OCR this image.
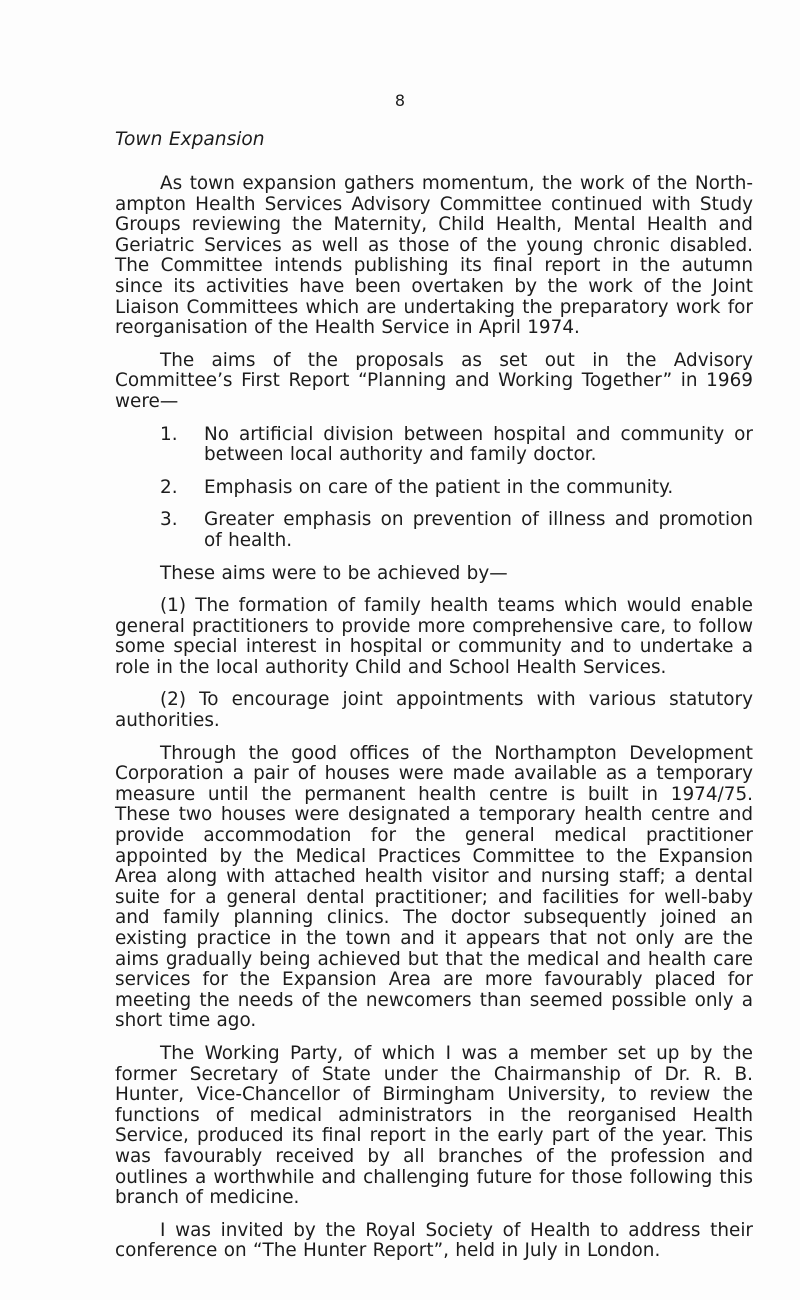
8
Town Expansion

As town expansion gathers momentum, the work of the Northampton Health Services Advisory Committee continued with Study Groups reviewing the Maternity, Child Health, Mental Health and Geriatric Services as well as those of the young chronic disabled. The Committee intends publishing its final report in the autumn since its activities have been overtaken by the work of the Joint Liaison Committees which are undertaking the preparatory work for reorganisation of the Health Service in April 1974.

The aims of the proposals as set out in the Advisory Committee’s First Report “Planning and Working Together” in 1969 were—

1.	No artificial division between hospital and community or between local authority and family doctor.
2.	Emphasis on care of the patient in the community.
3.	Greater emphasis on prevention of illness and promotion of health.

These aims were to be achieved by—

(1) The formation of family health teams which would enable general practitioners to provide more comprehensive care, to follow some special interest in hospital or community and to undertake a role in the local authority Child and School Health Services.

(2) To encourage joint appointments with various statutory authorities.

Through the good offices of the Northampton Development Corporation a pair of houses were made available as a temporary measure until the permanent health centre is built in 1974/75. These two houses were designated a temporary health centre and provide accommodation for the general medical practitioner appointed by the Medical Practices Committee to the Expansion Area along with attached health visitor and nursing staff; a dental suite for a general dental practitioner; and facilities for well-baby and family planning clinics. The doctor subsequently joined an existing practice in the town and it appears that not only are the aims gradually being achieved but that the medical and health care services for the Expansion Area are more favourably placed for meeting the needs of the newcomers than seemed possible only a short time ago.

The Working Party, of which I was a member set up by the former Secretary of State under the Chairmanship of Dr. R. B. Hunter, Vice-Chancellor of Birmingham University, to review the functions of medical administrators in the reorganised Health Service, produced its final report in the early part of the year. This was favourably received by all branches of the profession and outlines a worthwhile and challenging future for those following this branch of medicine.

I was invited by the Royal Society of Health to address their conference on “The Hunter Report”, held in July in London.
